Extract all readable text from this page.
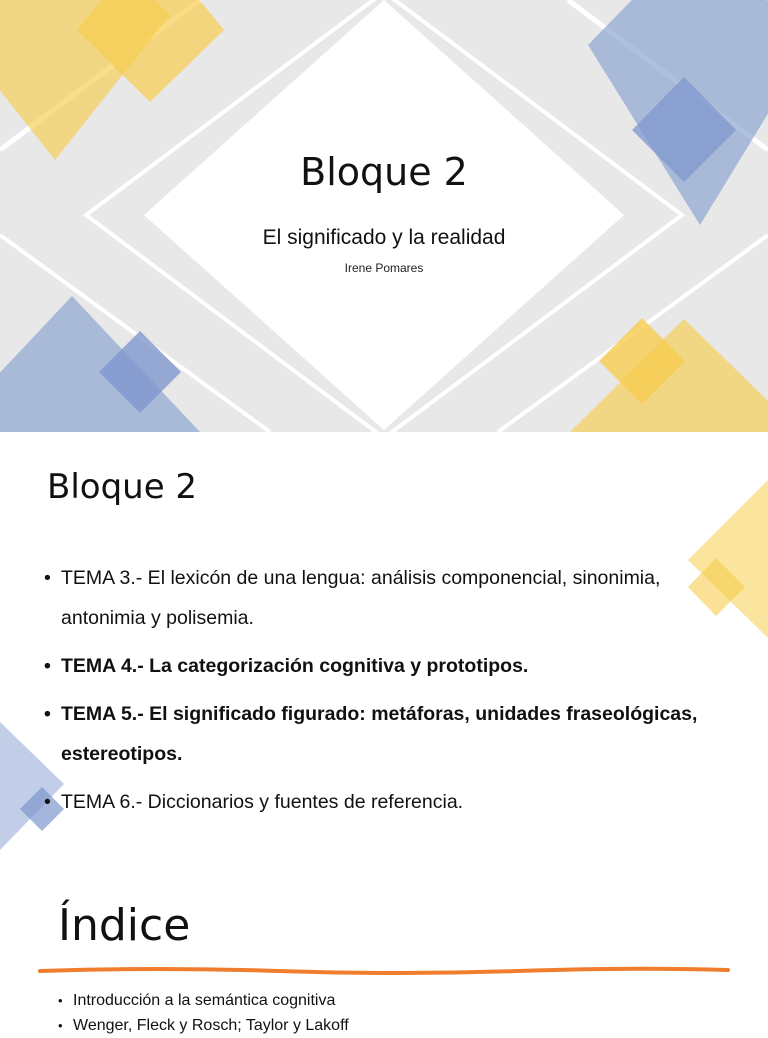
Bloque 2
El significado y la realidad
Irene Pomares
Bloque 2
• TEMA 3.- El lexicón de una lengua: análisis componencial, sinonimia, antonimia y polisemia.
• TEMA 4.- La categorización cognitiva y prototipos.
• TEMA 5.- El significado figurado: metáforas, unidades fraseológicas, estereotipos.
• TEMA 6.- Diccionarios y fuentes de referencia.
Índice
• Introducción a la semántica cognitiva
• Wenger, Fleck y Rosch; Taylor y Lakoff
